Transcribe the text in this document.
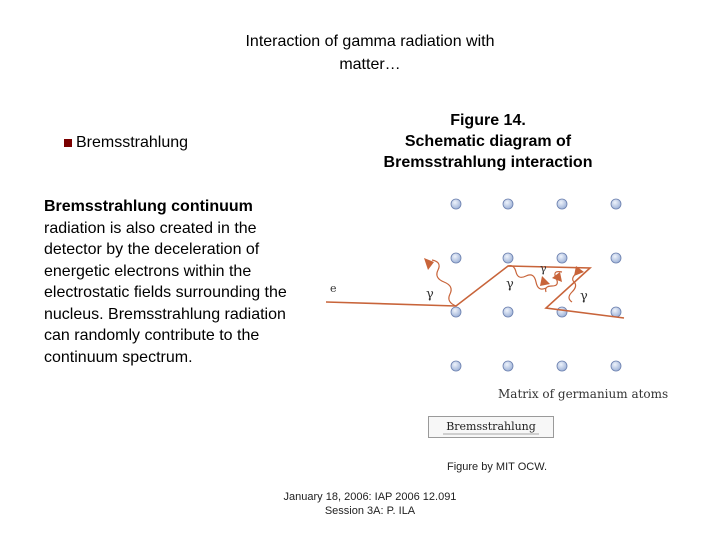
Interaction of gamma radiation with
matter…
Bremsstrahlung
Figure 14.
Schematic diagram of
Bremsstrahlung interaction
Bremsstrahlung continuum radiation is also created in the detector by the deceleration of energetic electrons within the electrostatic fields surrounding the nucleus. Bremsstrahlung radiation can randomly contribute to the continuum spectrum.
e	γ
γ
γ
γ
Matrix of germanium atoms
Bremsstrahlung
Figure by MIT OCW.
January 18, 2006: IAP 2006 12.091
Session 3A: P. ILA
